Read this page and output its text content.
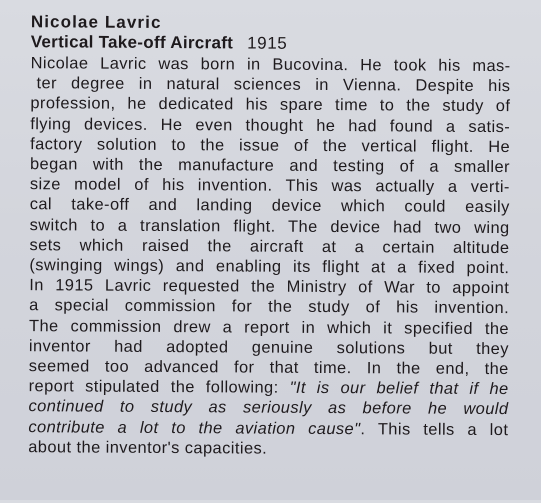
Nicolae Lavric
Vertical Take-off Aircraft 1915
Nicolae Lavric was born in Bucovina. He took his mas-
ter degree in natural sciences in Vienna. Despite his
profession, he dedicated his spare time to the study of
flying devices. He even thought he had found a satis-
factory solution to the issue of the vertical flight. He
began with the manufacture and testing of a smaller
size model of his invention. This was actually a verti-
cal take-off and landing device which could easily
switch to a translation flight. The device had two wing
sets which raised the aircraft at a certain altitude
(swinging wings) and enabling its flight at a fixed point.
In 1915 Lavric requested the Ministry of War to appoint
a special commission for the study of his invention.
The commission drew a report in which it specified the
inventor had adopted genuine solutions but they
seemed too advanced for that time. In the end, the
report stipulated the following: "It is our belief that if he
continued to study as seriously as before he would
contribute a lot to the aviation cause". This tells a lot
about the inventor's capacities.
